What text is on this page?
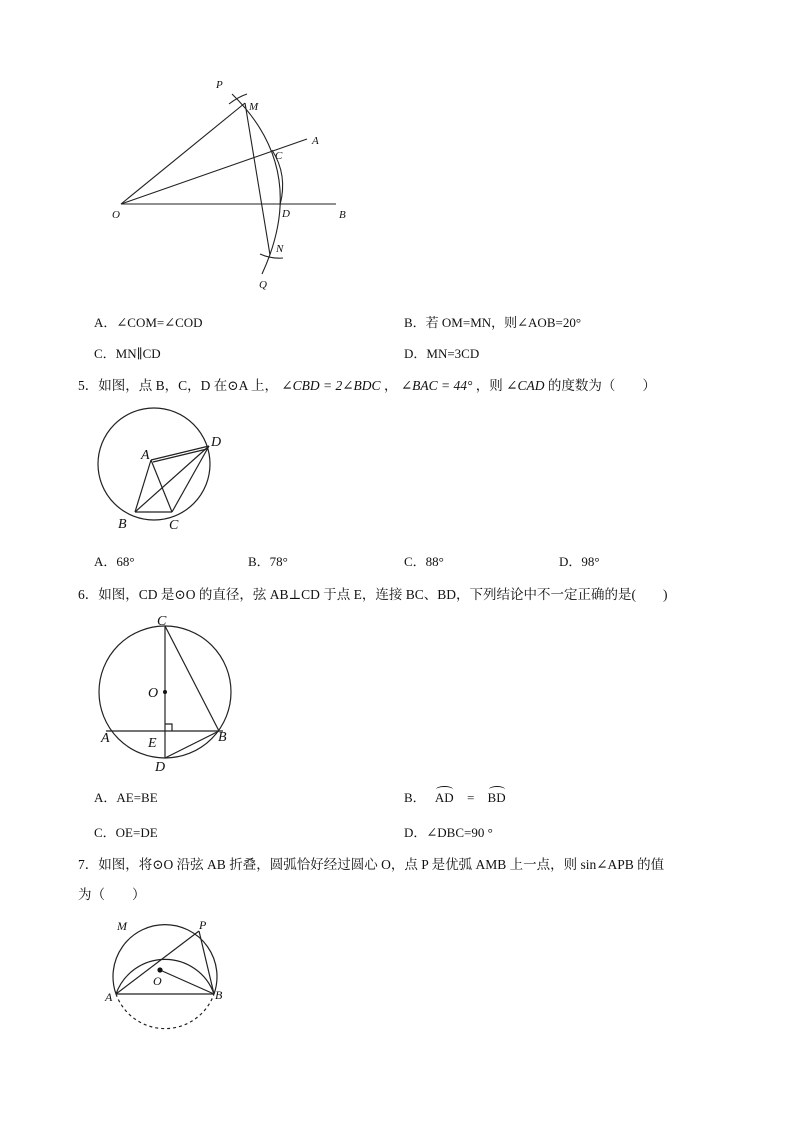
P
M
A
C
O	D	B
N
Q
A．∠COM=∠COD	B．若 OM=MN，则∠AOB=20°
C．MN∥CD	D．MN=3CD
5．如图，点 B，C，D 在⊙A 上， ∠CBD = 2∠BDC ， ∠BAC = 44° ，则 ∠CAD 的度数为（　　）
A
D
B	C
A．68°	B．78°	C．88°	D．98°
6．如图，CD 是⊙O 的直径，弦 AB⊥CD 于点 E，连接 BC、BD，下列结论中不一定正确的是(　　)
C
O
A	E	B
D
A．AE=BE	B． AD = BD
C．OE=DE	D．∠DBC=90 °
7．如图，将⊙O 沿弦 AB 折叠，圆弧恰好经过圆心 O，点 P 是优弧 AMB 上一点，则 sin∠APB 的值
为（　　）
M	P
O
A	B
